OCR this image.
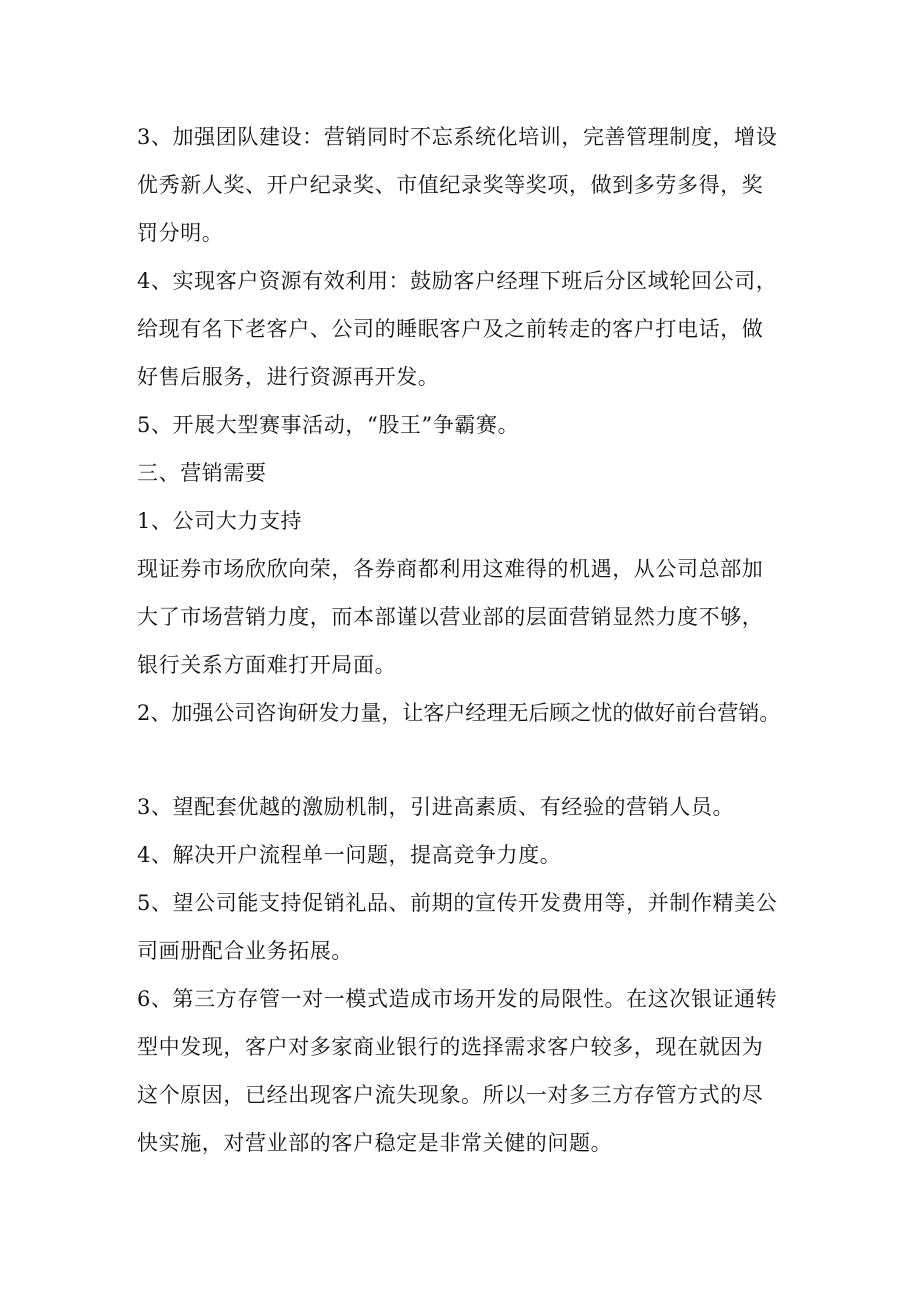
3、加强团队建设：营销同时不忘系统化培训，完善管理制度，增设
优秀新人奖、开户纪录奖、市值纪录奖等奖项，做到多劳多得，奖
罚分明。
4、实现客户资源有效利用：鼓励客户经理下班后分区域轮回公司，
给现有名下老客户、公司的睡眠客户及之前转走的客户打电话，做
好售后服务，进行资源再开发。
5、开展大型赛事活动，“股王”争霸赛。
三、营销需要
1、公司大力支持
现证券市场欣欣向荣，各券商都利用这难得的机遇，从公司总部加
大了市场营销力度，而本部谨以营业部的层面营销显然力度不够，
银行关系方面难打开局面。
2、加强公司咨询研发力量，让客户经理无后顾之忧的做好前台营销。
3、望配套优越的激励机制，引进高素质、有经验的营销人员。
4、解决开户流程单一问题，提高竞争力度。
5、望公司能支持促销礼品、前期的宣传开发费用等，并制作精美公
司画册配合业务拓展。
6、第三方存管一对一模式造成市场开发的局限性。在这次银证通转
型中发现，客户对多家商业银行的选择需求客户较多，现在就因为
这个原因，已经出现客户流失现象。所以一对多三方存管方式的尽
快实施，对营业部的客户稳定是非常关健的问题。
